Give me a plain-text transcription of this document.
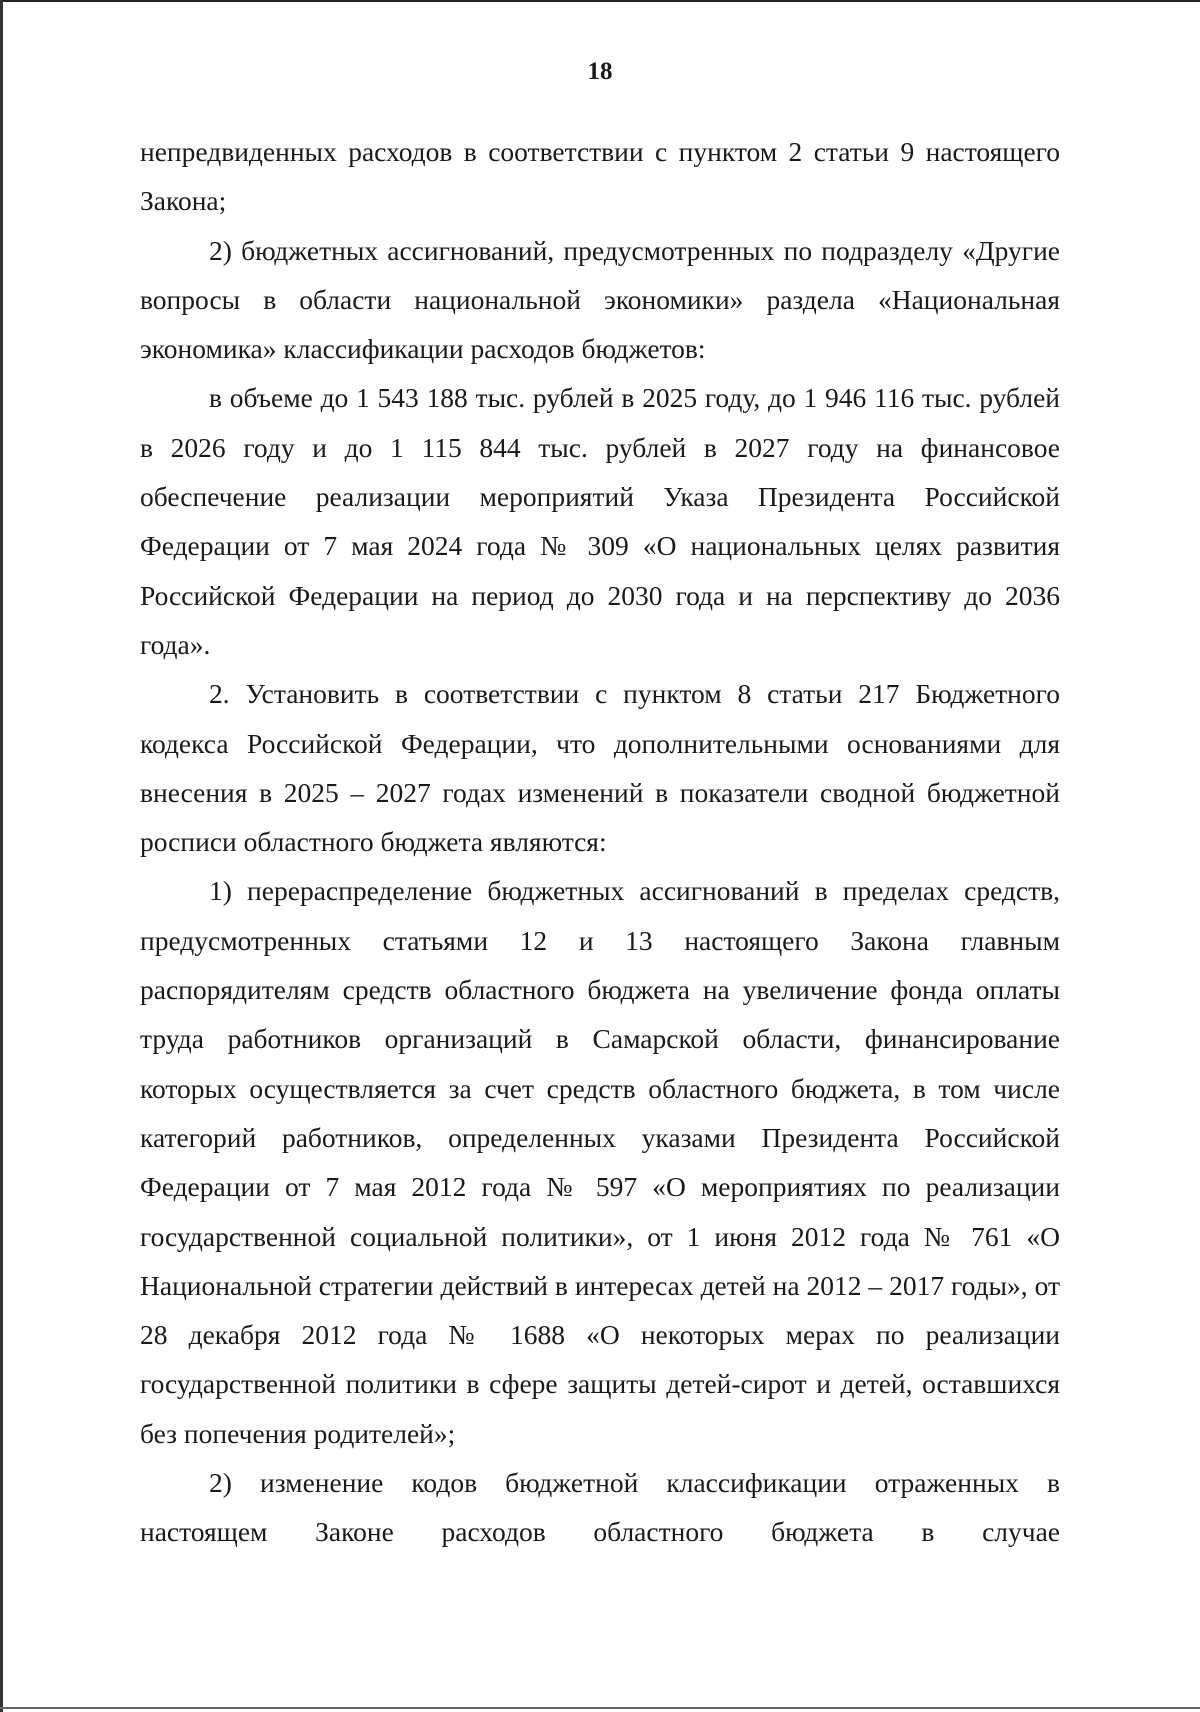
18

непредвиденных расходов в соответствии с пунктом 2 статьи 9 настоящего Закона;

2) бюджетных ассигнований, предусмотренных по подразделу «Другие вопросы в области национальной экономики» раздела «Национальная экономика» классификации расходов бюджетов:

в объеме до 1 543 188 тыс. рублей в 2025 году, до 1 946 116 тыс. рублей в 2026 году и до 1 115 844 тыс. рублей в 2027 году на финансовое обеспечение реализации мероприятий Указа Президента Российской Федерации от 7 мая 2024 года № 309 «О национальных целях развития Российской Федерации на период до 2030 года и на перспективу до 2036 года».

2. Установить в соответствии с пунктом 8 статьи 217 Бюджетного кодекса Российской Федерации, что дополнительными основаниями для внесения в 2025 – 2027 годах изменений в показатели сводной бюджетной росписи областного бюджета являются:

1) перераспределение бюджетных ассигнований в пределах средств, предусмотренных статьями 12 и 13 настоящего Закона главным распорядителям средств областного бюджета на увеличение фонда оплаты труда работников организаций в Самарской области, финансирование которых осуществляется за счет средств областного бюджета, в том числе категорий работников, определенных указами Президента Российской Федерации от 7 мая 2012 года № 597 «О мероприятиях по реализации государственной социальной политики», от 1 июня 2012 года № 761 «О Национальной стратегии действий в интересах детей на 2012 – 2017 годы», от 28 декабря 2012 года № 1688 «О некоторых мерах по реализации государственной политики в сфере защиты детей-сирот и детей, оставшихся без попечения родителей»;

2) изменение кодов бюджетной классификации отраженных в настоящем Законе расходов областного бюджета в случае
